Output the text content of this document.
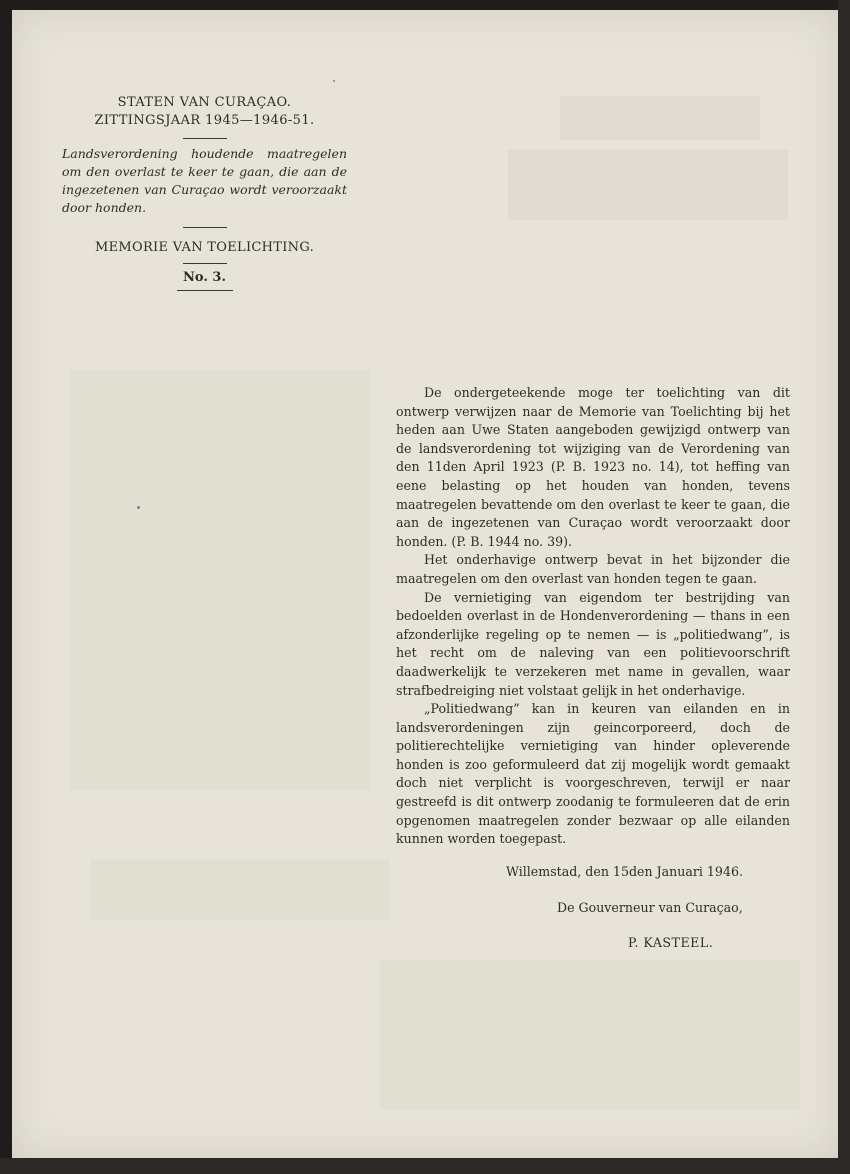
STATEN VAN CURAÇAO.
ZITTINGSJAAR 1945—1946-51.
Landsverordening houdende maatregelen om den overlast te keer te gaan, die aan de ingezetenen van Curaçao wordt veroorzaakt door honden.
MEMORIE VAN TOELICHTING.
No. 3.

De ondergeteekende moge ter toelichting van dit ontwerp verwijzen naar de Memorie van Toelichting bij het heden aan Uwe Staten aangeboden gewijzigd ontwerp van de landsverordening tot wijziging van de Verordening van den 11den April 1923 (P. B. 1923 no. 14), tot heffing van eene belasting op het houden van honden, tevens maatregelen bevattende om den overlast te keer te gaan, die aan de ingezetenen van Curaçao wordt veroorzaakt door honden. (P. B. 1944 no. 39).

Het onderhavige ontwerp bevat in het bijzonder die maatregelen om den overlast van honden tegen te gaan.

De vernietiging van eigendom ter bestrijding van bedoelden overlast in de Hondenverordening — thans in een afzonderlijke regeling op te nemen — is „politiedwang”, is het recht om de naleving van een politievoorschrift daadwerkelijk te verzekeren met name in gevallen, waar strafbedreiging niet volstaat gelijk in het onderhavige.

„Politiedwang” kan in keuren van eilanden en in landsverordeningen zijn geincorporeerd, doch de politierechtelijke vernietiging van hinder opleverende honden is zoo geformuleerd dat zij mogelijk wordt gemaakt doch niet verplicht is voorgeschreven, terwijl er naar gestreefd is dit ontwerp zoodanig te formuleeren dat de erin opgenomen maatregelen zonder bezwaar op alle eilanden kunnen worden toegepast.

Willemstad, den 15den Januari 1946.
De Gouverneur van Curaçao,
P. KASTEEL.
